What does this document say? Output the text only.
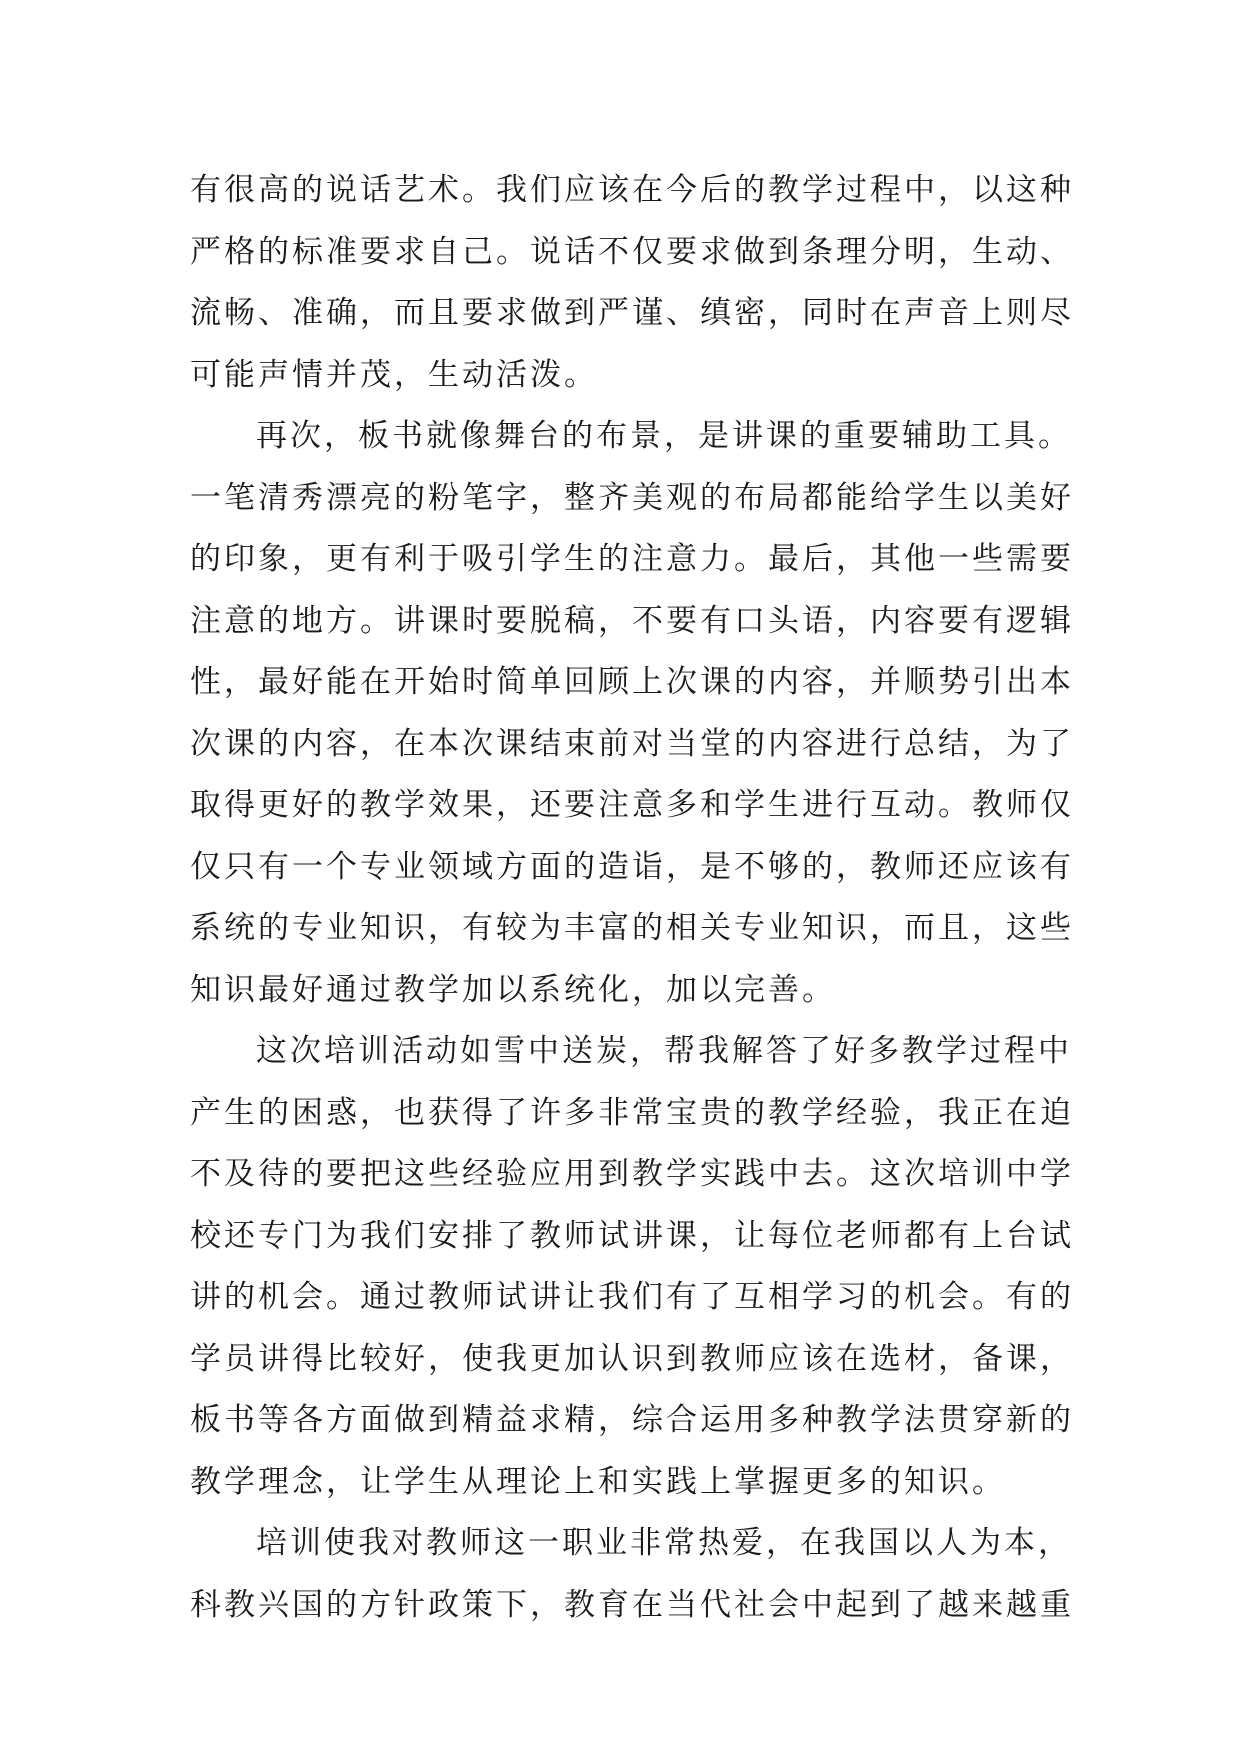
有很高的说话艺术。我们应该在今后的教学过程中，以这种
严格的标准要求自己。说话不仅要求做到条理分明，生动、
流畅、准确，而且要求做到严谨、缜密，同时在声音上则尽
可能声情并茂，生动活泼。
再次，板书就像舞台的布景，是讲课的重要辅助工具。
一笔清秀漂亮的粉笔字，整齐美观的布局都能给学生以美好
的印象，更有利于吸引学生的注意力。最后，其他一些需要
注意的地方。讲课时要脱稿，不要有口头语，内容要有逻辑
性，最好能在开始时简单回顾上次课的内容，并顺势引出本
次课的内容，在本次课结束前对当堂的内容进行总结，为了
取得更好的教学效果，还要注意多和学生进行互动。教师仅
仅只有一个专业领域方面的造诣，是不够的，教师还应该有
系统的专业知识，有较为丰富的相关专业知识，而且，这些
知识最好通过教学加以系统化，加以完善。
这次培训活动如雪中送炭，帮我解答了好多教学过程中
产生的困惑，也获得了许多非常宝贵的教学经验，我正在迫
不及待的要把这些经验应用到教学实践中去。这次培训中学
校还专门为我们安排了教师试讲课，让每位老师都有上台试
讲的机会。通过教师试讲让我们有了互相学习的机会。有的
学员讲得比较好，使我更加认识到教师应该在选材，备课，
板书等各方面做到精益求精，综合运用多种教学法贯穿新的
教学理念，让学生从理论上和实践上掌握更多的知识。
培训使我对教师这一职业非常热爱，在我国以人为本，
科教兴国的方针政策下，教育在当代社会中起到了越来越重
